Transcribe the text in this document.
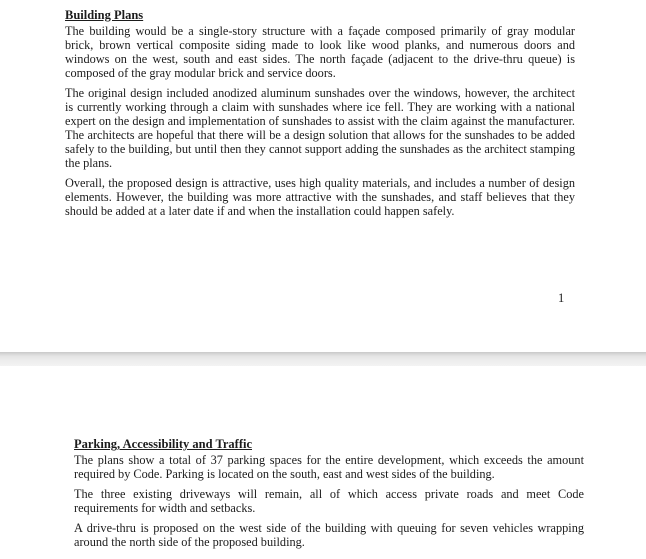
Building Plans

The building would be a single-story structure with a façade composed primarily of gray modular brick, brown vertical composite siding made to look like wood planks, and numerous doors and windows on the west, south and east sides. The north façade (adjacent to the drive-thru queue) is composed of the gray modular brick and service doors.

The original design included anodized aluminum sunshades over the windows, however, the architect is currently working through a claim with sunshades where ice fell. They are working with a national expert on the design and implementation of sunshades to assist with the claim against the manufacturer. The architects are hopeful that there will be a design solution that allows for the sunshades to be added safely to the building, but until then they cannot support adding the sunshades as the architect stamping the plans.

Overall, the proposed design is attractive, uses high quality materials, and includes a number of design elements. However, the building was more attractive with the sunshades, and staff believes that they should be added at a later date if and when the installation could happen safely.

1
Parking, Accessibility and Traffic

The plans show a total of 37 parking spaces for the entire development, which exceeds the amount required by Code. Parking is located on the south, east and west sides of the building.

The three existing driveways will remain, all of which access private roads and meet Code requirements for width and setbacks.

A drive-thru is proposed on the west side of the building with queuing for seven vehicles wrapping around the north side of the proposed building.
